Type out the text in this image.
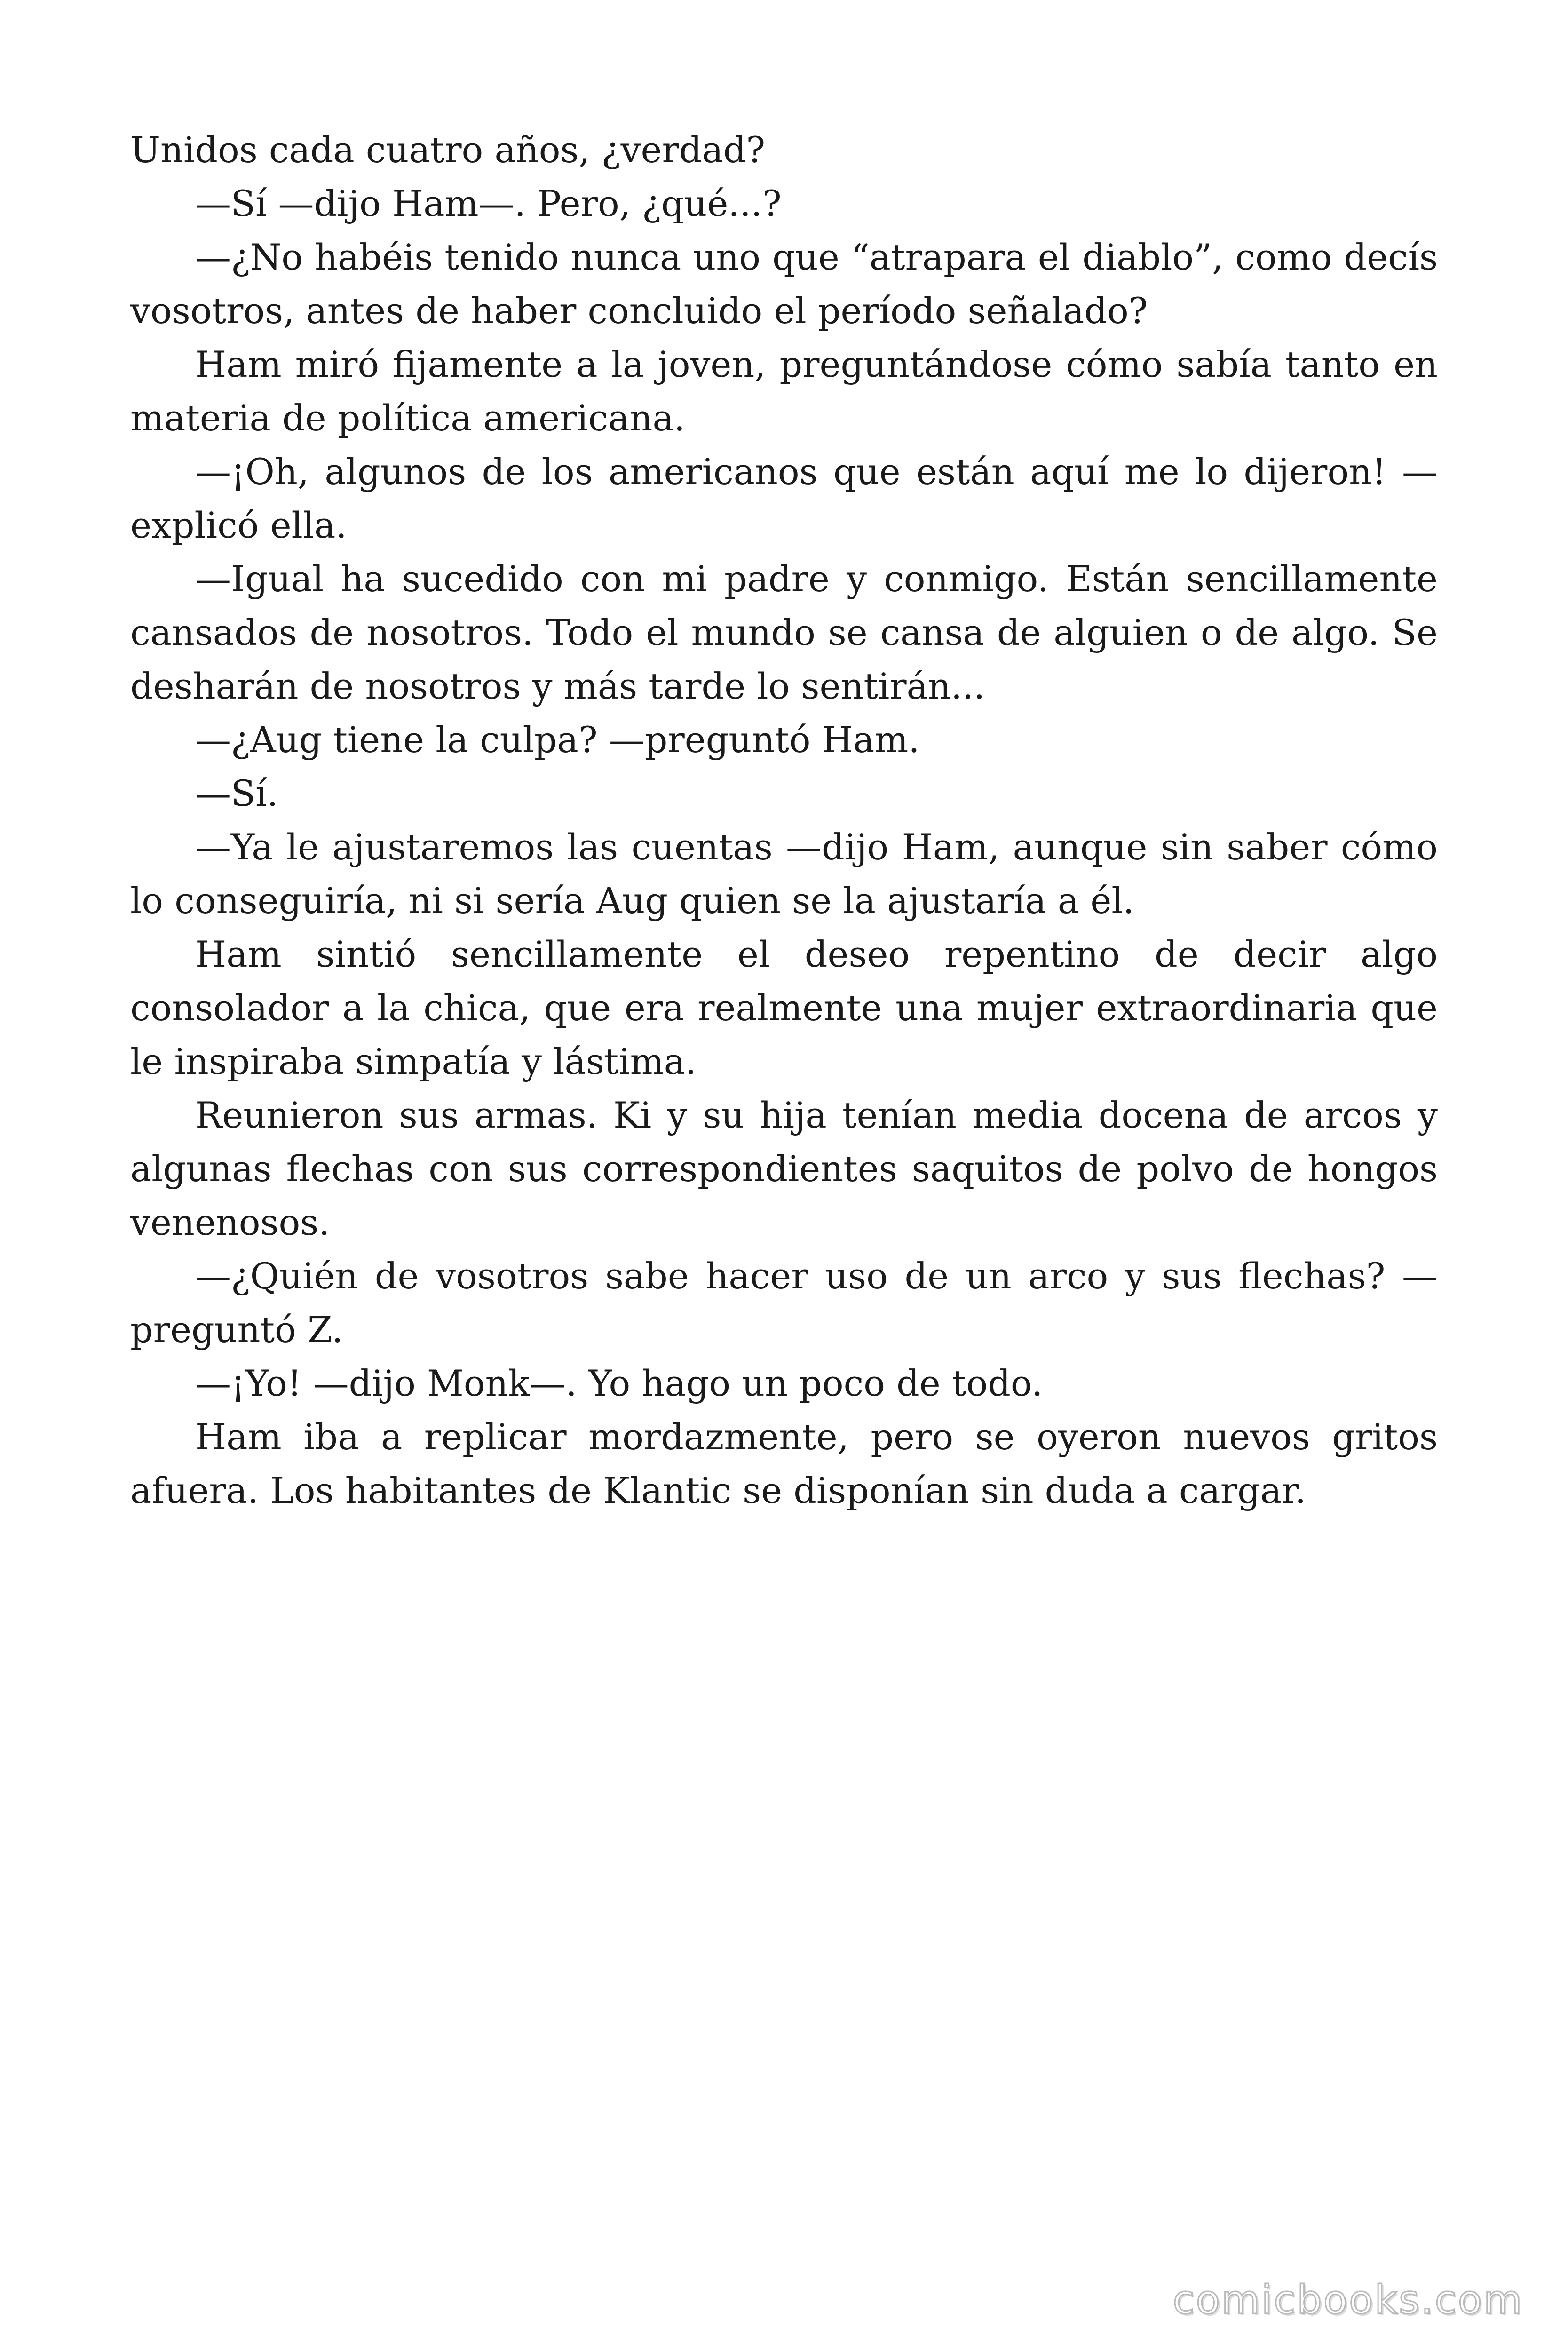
Unidos cada cuatro años, ¿verdad?

—Sí —dijo Ham—. Pero, ¿qué...?

—¿No habéis tenido nunca uno que “atrapara el diablo”, como decís vosotros, antes de haber concluido el período señalado?

Ham miró fijamente a la joven, preguntándose cómo sabía tanto en materia de política americana.

—¡Oh, algunos de los americanos que están aquí me lo dijeron! —explicó ella.

—Igual ha sucedido con mi padre y conmigo. Están sencillamente cansados de nosotros. Todo el mundo se cansa de alguien o de algo. Se desharán de nosotros y más tarde lo sentirán...

—¿Aug tiene la culpa? —preguntó Ham.

—Sí.

—Ya le ajustaremos las cuentas —dijo Ham, aunque sin saber cómo lo conseguiría, ni si sería Aug quien se la ajustaría a él.

Ham sintió sencillamente el deseo repentino de decir algo consolador a la chica, que era realmente una mujer extraordinaria que le inspiraba simpatía y lástima.

Reunieron sus armas. Ki y su hija tenían media docena de arcos y algunas flechas con sus correspondientes saquitos de polvo de hongos venenosos.

—¿Quién de vosotros sabe hacer uso de un arco y sus flechas? —preguntó Z.

—¡Yo! —dijo Monk—. Yo hago un poco de todo.

Ham iba a replicar mordazmente, pero se oyeron nuevos gritos afuera. Los habitantes de Klantic se disponían sin duda a cargar.

comicbooks.com
